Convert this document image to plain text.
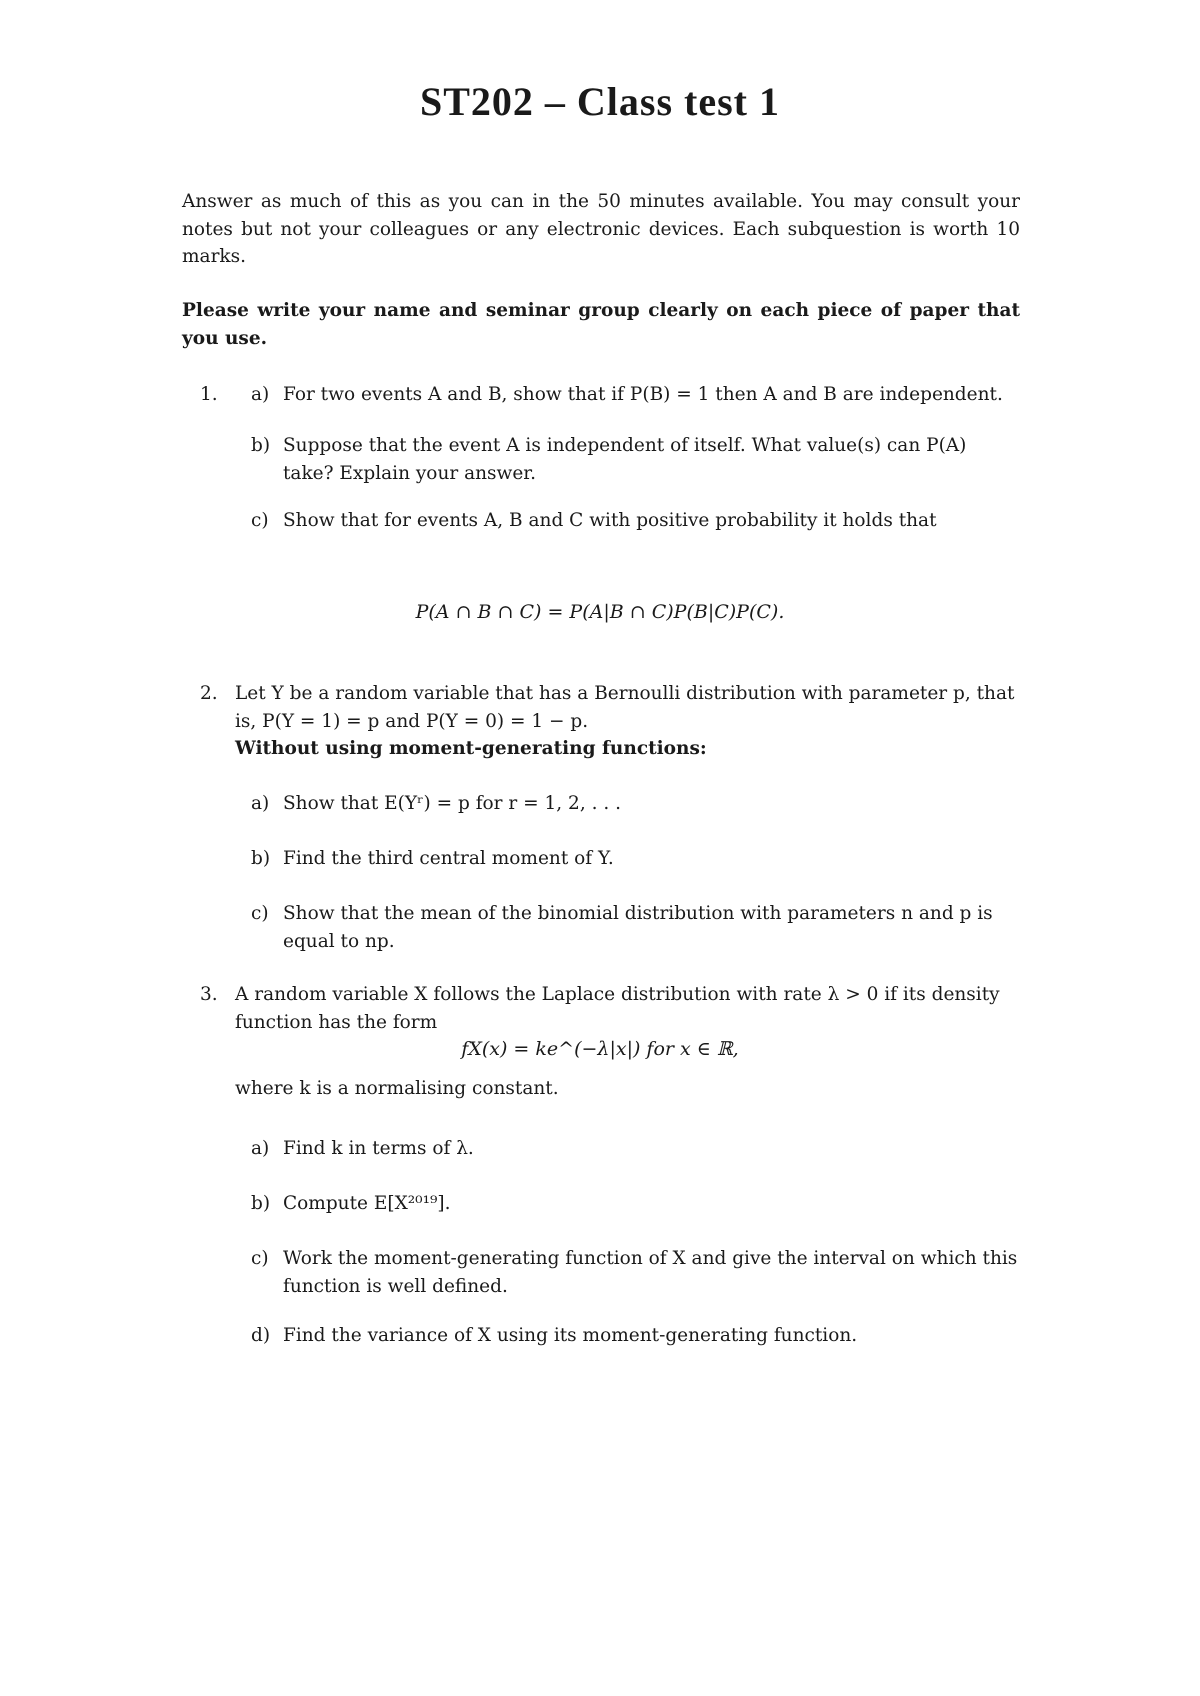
ST202 – Class test 1
Answer as much of this as you can in the 50 minutes available. You may consult your notes but not your colleagues or any electronic devices. Each subquestion is worth 10 marks.
Please write your name and seminar group clearly on each piece of paper that you use.
1. a) For two events A and B, show that if P(B) = 1 then A and B are independent.
b) Suppose that the event A is independent of itself. What value(s) can P(A) take? Explain your answer.
c) Show that for events A, B and C with positive probability it holds that
P(A ∩ B ∩ C) = P(A|B ∩ C)P(B|C)P(C).
2. Let Y be a random variable that has a Bernoulli distribution with parameter p, that is, P(Y = 1) = p and P(Y = 0) = 1 − p.
Without using moment-generating functions:
a) Show that E(Yʳ) = p for r = 1, 2, . . .
b) Find the third central moment of Y.
c) Show that the mean of the binomial distribution with parameters n and p is equal to np.
3. A random variable X follows the Laplace distribution with rate λ > 0 if its density function has the form
fX(x) = ke^(−λ|x|) for x ∈ ℝ,
where k is a normalising constant.
a) Find k in terms of λ.
b) Compute E[X²⁰¹⁹].
c) Work the moment-generating function of X and give the interval on which this function is well defined.
d) Find the variance of X using its moment-generating function.
